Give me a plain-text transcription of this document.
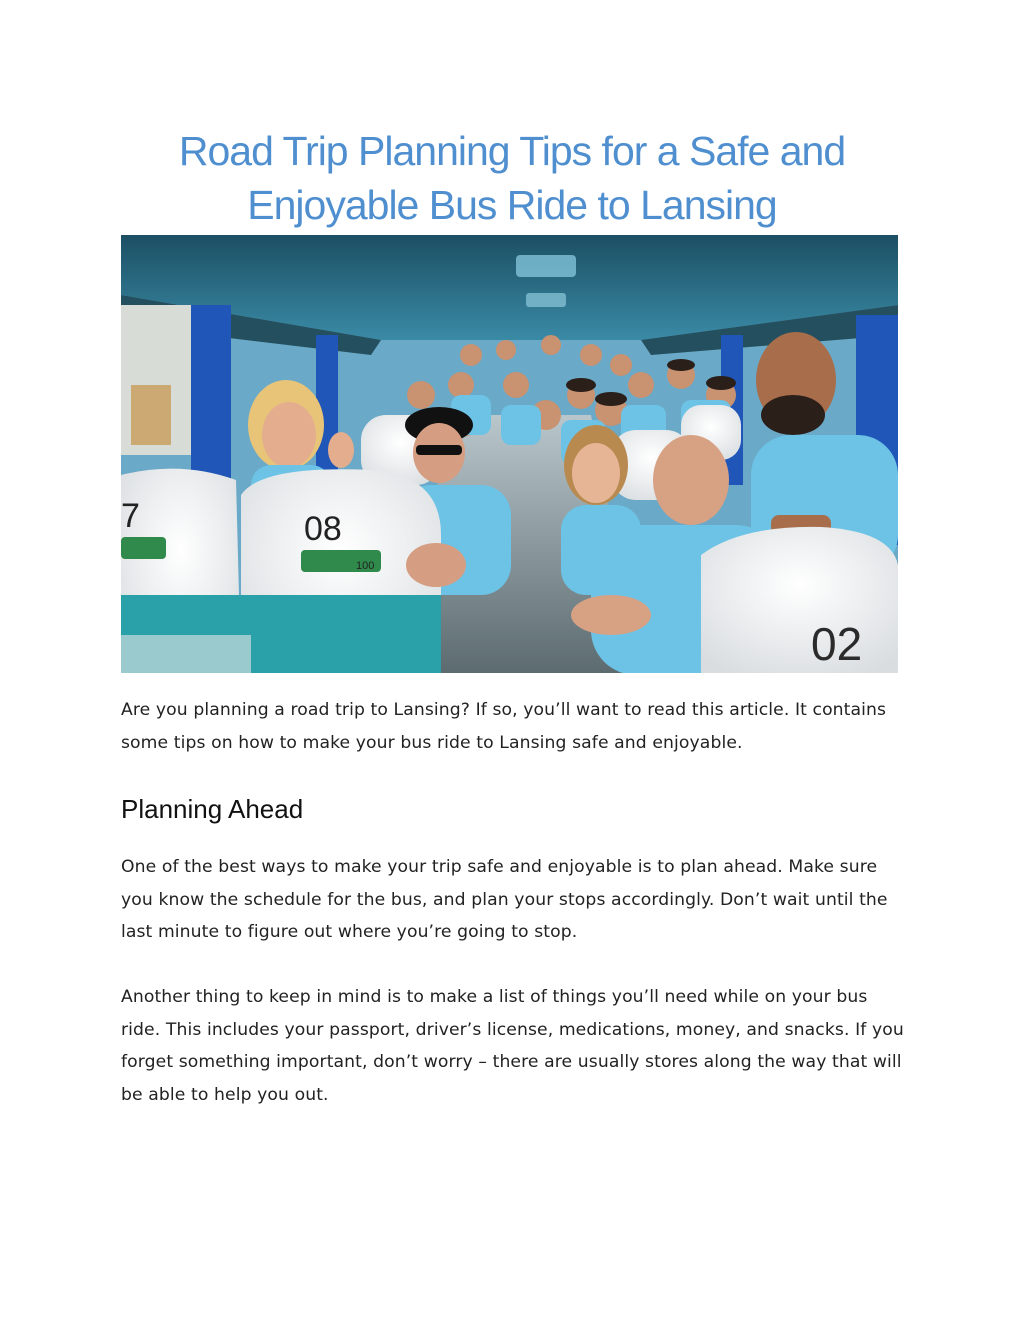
Road Trip Planning Tips for a Safe and Enjoyable Bus Ride to Lansing
08
100
7
02

Are you planning a road trip to Lansing? If so, you’ll want to read this article. It contains some tips on how to make your bus ride to Lansing safe and enjoyable.

Planning Ahead

One of the best ways to make your trip safe and enjoyable is to plan ahead. Make sure you know the schedule for the bus, and plan your stops accordingly. Don’t wait until the last minute to figure out where you’re going to stop.

Another thing to keep in mind is to make a list of things you’ll need while on your bus ride. This includes your passport, driver’s license, medications, money, and snacks. If you forget something important, don’t worry – there are usually stores along the way that will be able to help you out.
